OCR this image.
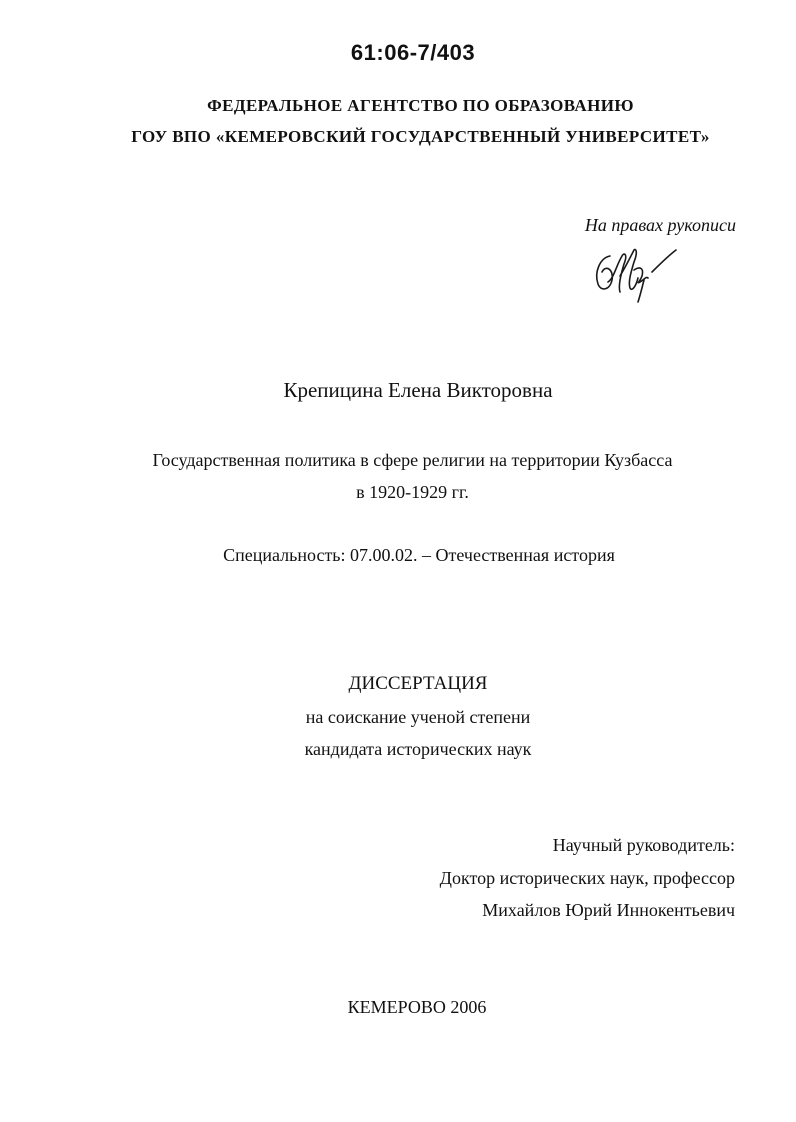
61:06-7/403
ФЕДЕРАЛЬНОЕ АГЕНТСТВО ПО ОБРАЗОВАНИЮ
ГОУ ВПО «КЕМЕРОВСКИЙ ГОСУДАРСТВЕННЫЙ УНИВЕРСИТЕТ»
На правах рукописи
Крепицина Елена Викторовна
Государственная политика в сфере религии на территории Кузбасса
в 1920-1929 гг.
Специальность: 07.00.02. – Отечественная история
ДИССЕРТАЦИЯ
на соискание ученой степени
кандидата исторических наук
Научный руководитель:
Доктор исторических наук, профессор
Михайлов Юрий Иннокентьевич
КЕМЕРОВО 2006
